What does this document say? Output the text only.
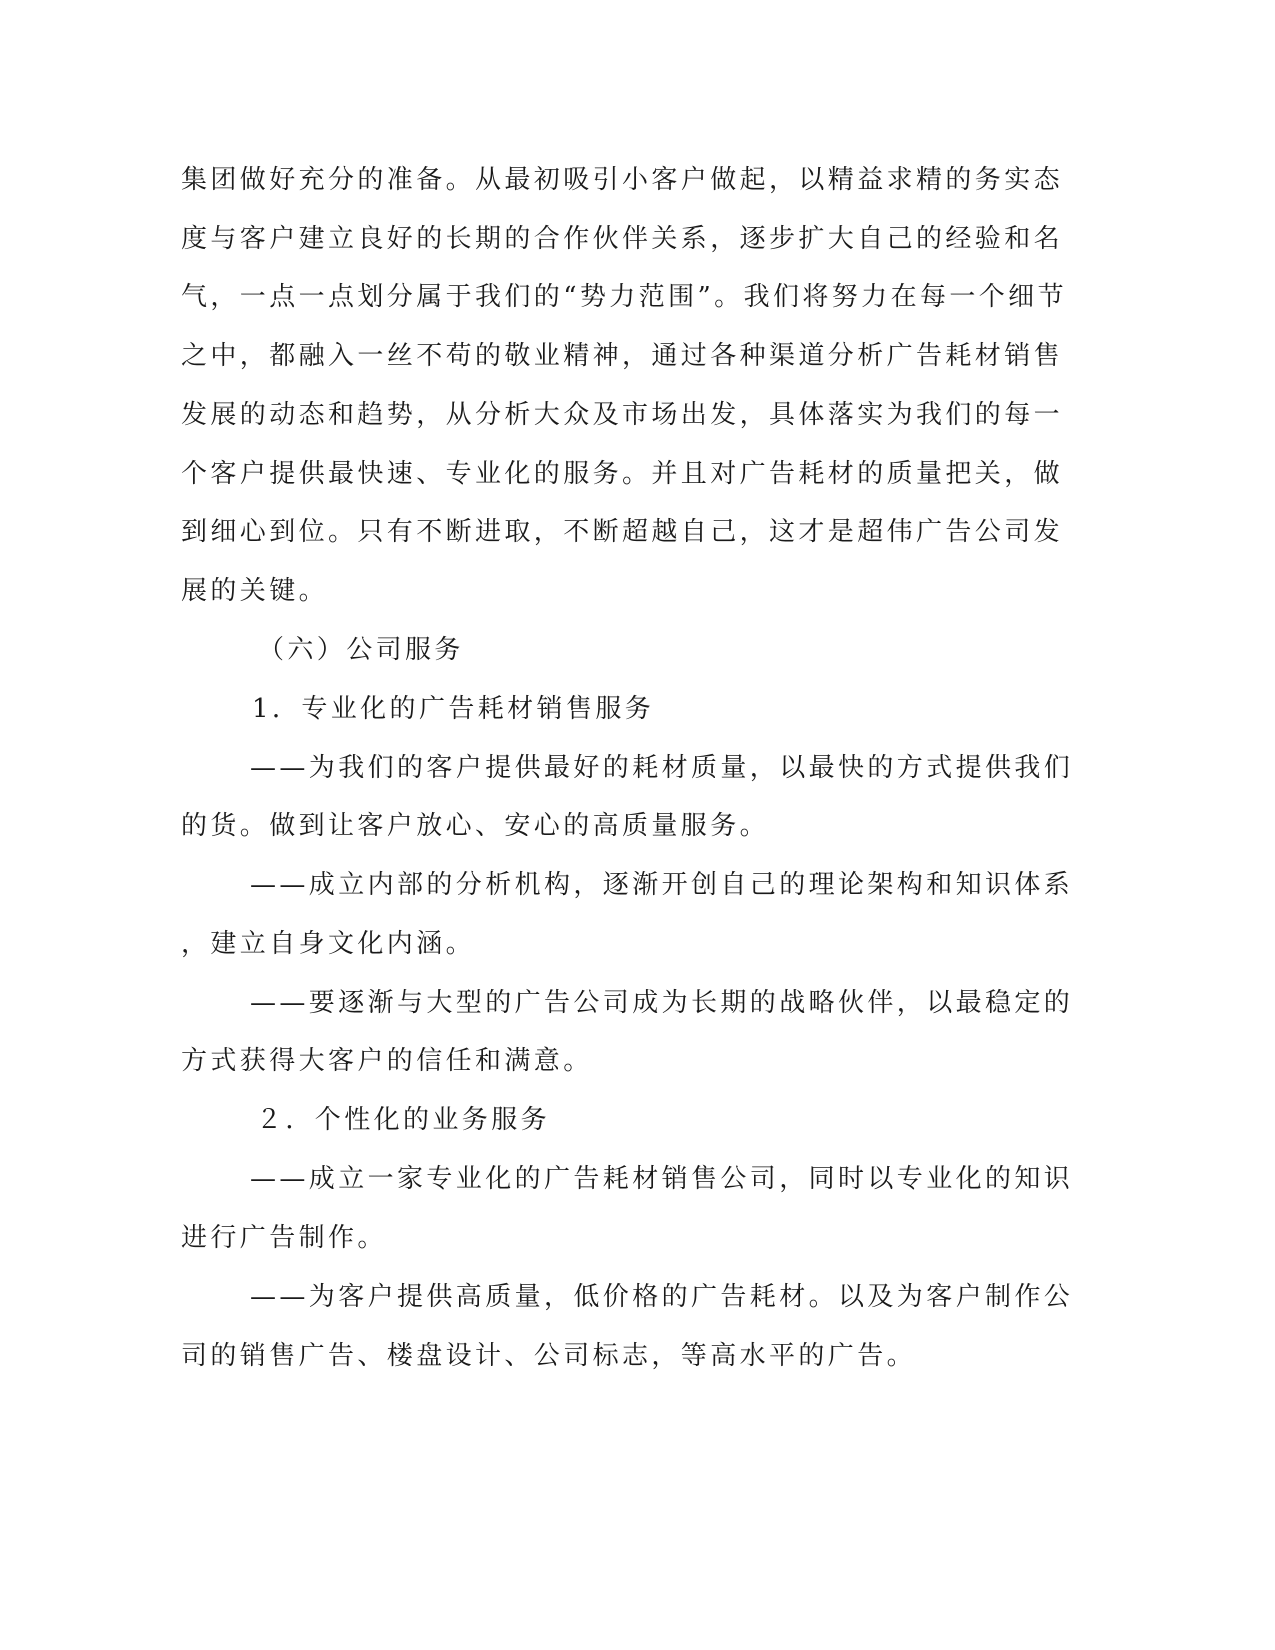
集团做好充分的准备。从最初吸引小客户做起，以精益求精的务实态

度与客户建立良好的长期的合作伙伴关系，逐步扩大自己的经验和名

气，一点一点划分属于我们的“势力范围”。我们将努力在每一个细节

之中，都融入一丝不苟的敬业精神，通过各种渠道分析广告耗材销售

发展的动态和趋势，从分析大众及市场出发，具体落实为我们的每一

个客户提供最快速、专业化的服务。并且对广告耗材的质量把关，做

到细心到位。只有不断进取，不断超越自己，这才是超伟广告公司发

展的关键。

（六）公司服务

1．专业化的广告耗材销售服务

——为我们的客户提供最好的耗材质量，以最快的方式提供我们

的货。做到让客户放心、安心的高质量服务。

——成立内部的分析机构，逐渐开创自己的理论架构和知识体系

，建立自身文化内涵。

——要逐渐与大型的广告公司成为长期的战略伙伴，以最稳定的

方式获得大客户的信任和满意。

２．个性化的业务服务

——成立一家专业化的广告耗材销售公司，同时以专业化的知识

进行广告制作。

——为客户提供高质量，低价格的广告耗材。以及为客户制作公

司的销售广告、楼盘设计、公司标志，等高水平的广告。
